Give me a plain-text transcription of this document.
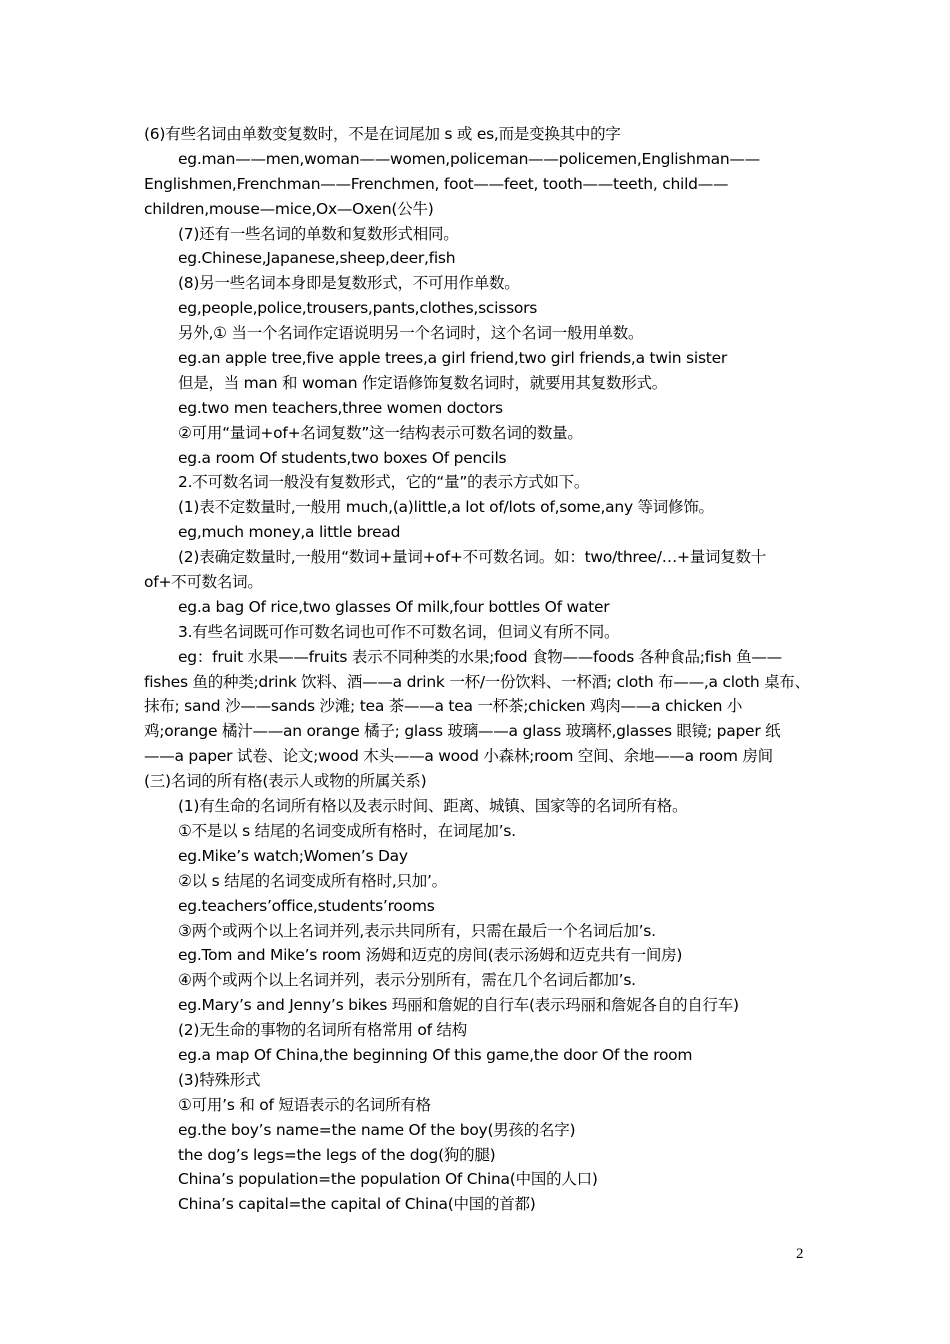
(6)有些名词由单数变复数时，不是在词尾加 s 或 es,而是变换其中的字
eg.man——men,woman——women,policeman——policemen,Englishman——
Englishmen,Frenchman——Frenchmen, foot——feet, tooth——teeth, child——
children,mouse—mice,Ox—Oxen(公牛)
(7)还有一些名词的单数和复数形式相同。
eg.Chinese,Japanese,sheep,deer,fish
(8)另一些名词本身即是复数形式，不可用作单数。
eg,people,police,trousers,pants,clothes,scissors
另外,① 当一个名词作定语说明另一个名词时，这个名词一般用单数。
eg.an apple tree,five apple trees,a girl friend,two girl friends,a twin sister
但是，当 man 和 woman 作定语修饰复数名词时，就要用其复数形式。
eg.two men teachers,three women doctors
②可用“量词+of+名词复数”这一结构表示可数名词的数量。
eg.a room Of students,two boxes Of pencils
2.不可数名词一般没有复数形式，它的“量”的表示方式如下。
(1)表不定数量时,一般用 much,(a)little,a lot of/lots of,some,any 等词修饰。
eg,much money,a little bread
(2)表确定数量时,一般用“数词+量词+of+不可数名词。如：two/three/…+量词复数十
of+不可数名词。
eg.a bag Of rice,two glasses Of milk,four bottles Of water
3.有些名词既可作可数名词也可作不可数名词，但词义有所不同。
eg：fruit 水果——fruits 表示不同种类的水果;food 食物——foods 各种食品;fish 鱼——
fishes 鱼的种类;drink 饮料、酒——a drink 一杯/一份饮料、一杯酒; cloth 布——,a cloth 桌布、
抹布; sand 沙——sands 沙滩; tea 茶——a tea 一杯茶;chicken 鸡肉——a chicken 小
鸡;orange 橘汁——an orange 橘子; glass 玻璃——a glass 玻璃杯,glasses 眼镜; paper 纸
——a paper 试卷、论文;wood 木头——a wood 小森林;room 空间、余地——a room 房间
(三)名词的所有格(表示人或物的所属关系)
(1)有生命的名词所有格以及表示时间、距离、城镇、国家等的名词所有格。
①不是以 s 结尾的名词变成所有格时，在词尾加’s.
eg.Mike’s watch;Women’s Day
②以 s 结尾的名词变成所有格时,只加’。
eg.teachers’office,students’rooms
③两个或两个以上名词并列,表示共同所有，只需在最后一个名词后加’s.
eg.Tom and Mike’s room 汤姆和迈克的房间(表示汤姆和迈克共有一间房)
④两个或两个以上名词并列，表示分别所有，需在几个名词后都加’s.
eg.Mary’s and Jenny’s bikes 玛丽和詹妮的自行车(表示玛丽和詹妮各自的自行车)
(2)无生命的事物的名词所有格常用 of 结构
eg.a map Of China,the beginning Of this game,the door Of the room
(3)特殊形式
①可用’s 和 of 短语表示的名词所有格
eg.the boy’s name=the name Of the boy(男孩的名字)
the dog’s legs=the legs of the dog(狗的腿)
China’s population=the population Of China(中国的人口)
China’s capital=the capital of China(中国的首都)
2
